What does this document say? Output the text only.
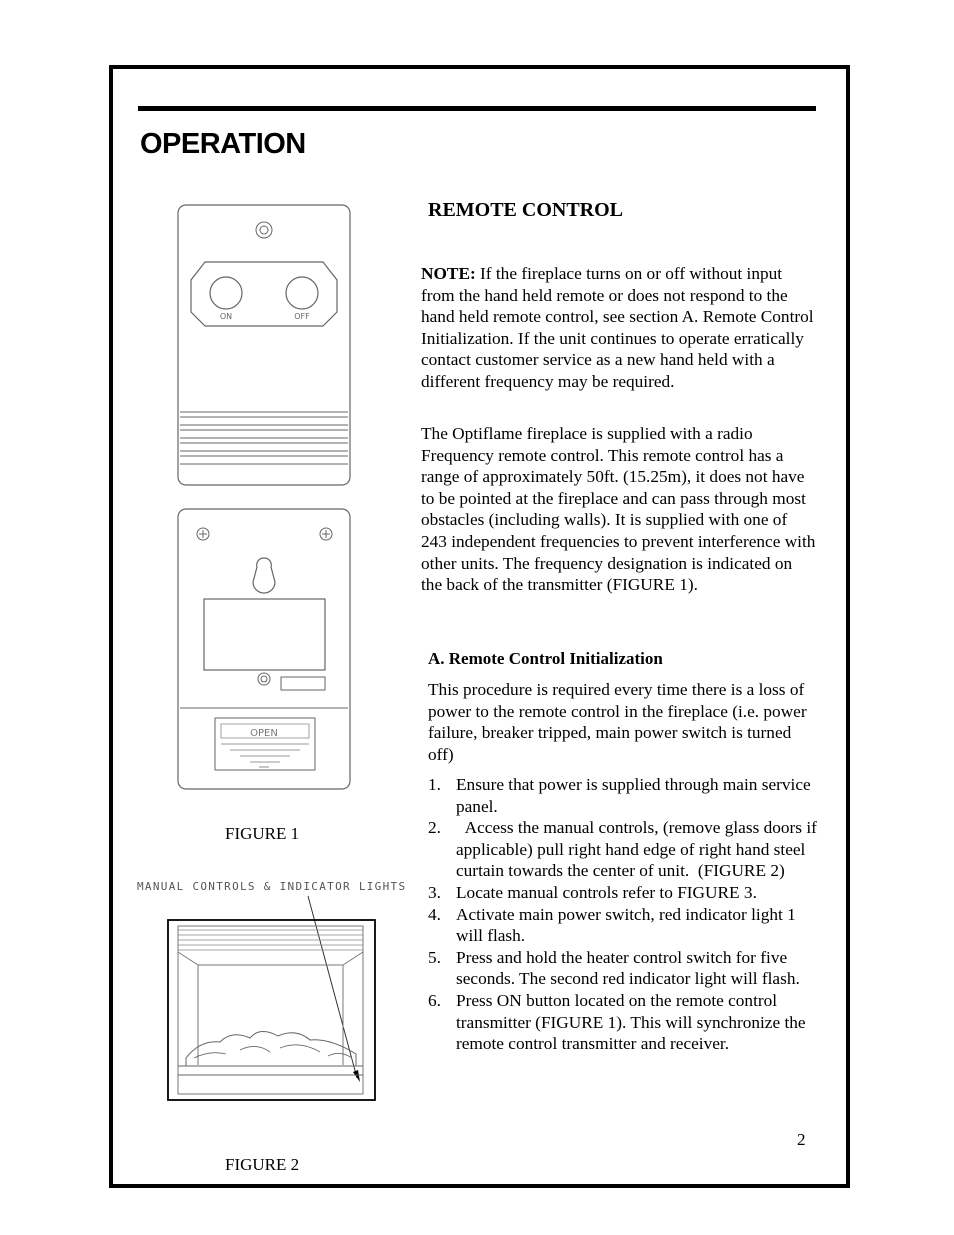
OPERATION
ON	OFF
OPEN
FIGURE 1
MANUAL CONTROLS & INDICATOR LIGHTS
FIGURE 2
REMOTE CONTROL
NOTE: If the fireplace turns on or off without input from the hand held remote or does not respond to the hand held remote control, see section A. Remote Control Initialization. If the unit continues to operate erratically contact customer service as a new hand held with a different frequency may be required.
The Optiflame fireplace is supplied with a radio Frequency remote control. This remote control has a range of approximately 50ft. (15.25m), it does not have to be pointed at the fireplace and can pass through most obstacles (including walls). It is supplied with one of 243 independent frequencies to prevent interference with other units. The frequency designation is indicated on the back of the transmitter (FIGURE 1).
A. Remote Control Initialization
This procedure is required every time there is a loss of power to the remote control in the fireplace (i.e. power failure, breaker tripped, main power switch is turned off)
1. Ensure that power is supplied through main service panel.
2. Access the manual controls, (remove glass doors if applicable) pull right hand edge of right hand steel curtain towards the center of unit.  (FIGURE 2)
3. Locate manual controls refer to FIGURE 3.
4. Activate main power switch, red indicator light 1 will flash.
5. Press and hold the heater control switch for five seconds. The second red indicator light will flash.
6. Press ON button located on the remote control transmitter (FIGURE 1). This will synchronize the remote control transmitter and receiver.
2
